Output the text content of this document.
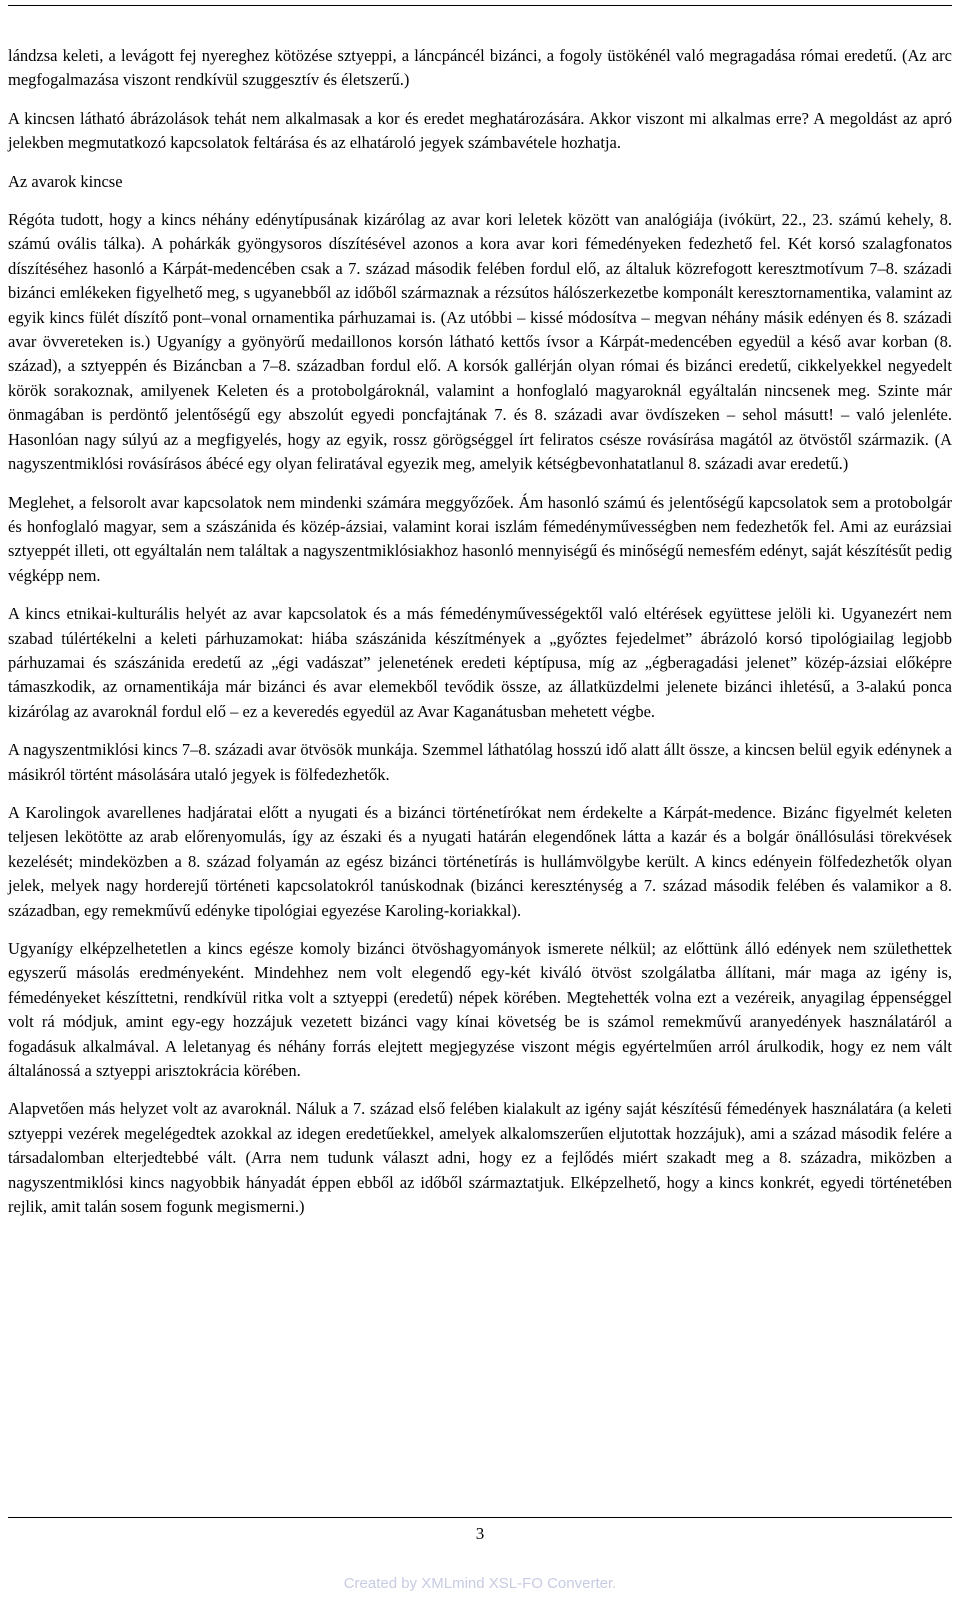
lándzsa keleti, a levágott fej nyereghez kötözése sztyeppi, a láncpáncél bizánci, a fogoly üstökénél való megragadása római eredetű. (Az arc megfogalmazása viszont rendkívül szuggesztív és életszerű.)

A kincsen látható ábrázolások tehát nem alkalmasak a kor és eredet meghatározására. Akkor viszont mi alkalmas erre? A megoldást az apró jelekben megmutatkozó kapcsolatok feltárása és az elhatároló jegyek számbavétele hozhatja.

Az avarok kincse

Régóta tudott, hogy a kincs néhány edénytípusának kizárólag az avar kori leletek között van analógiája (ivókürt, 22., 23. számú kehely, 8. számú ovális tálka). A pohárkák gyöngysoros díszítésével azonos a kora avar kori fémedényeken fedezhető fel. Két korsó szalagfonatos díszítéséhez hasonló a Kárpát-medencében csak a 7. század második felében fordul elő, az általuk közrefogott keresztmotívum 7–8. századi bizánci emlékeken figyelhető meg, s ugyanebből az időből származnak a rézsútos hálószerkezetbe komponált keresztornamentika, valamint az egyik kincs fülét díszítő pont–vonal ornamentika párhuzamai is. (Az utóbbi – kissé módosítva – megvan néhány másik edényen és 8. századi avar övvereteken is.) Ugyanígy a gyönyörű medaillonos korsón látható kettős ívsor a Kárpát-medencében egyedül a késő avar korban (8. század), a sztyeppén és Bizáncban a 7–8. században fordul elő. A korsók gallérján olyan római és bizánci eredetű, cikkelyekkel negyedelt körök sorakoznak, amilyenek Keleten és a protobolgároknál, valamint a honfoglaló magyaroknál egyáltalán nincsenek meg. Szinte már önmagában is perdöntő jelentőségű egy abszolút egyedi poncfajtának 7. és 8. századi avar övdíszeken – sehol másutt! – való jelenléte. Hasonlóan nagy súlyú az a megfigyelés, hogy az egyik, rossz görögséggel írt feliratos csésze rovásírása magától az ötvöstől származik. (A nagyszentmiklósi rovásírásos ábécé egy olyan feliratával egyezik meg, amelyik kétségbevonhatatlanul 8. századi avar eredetű.)

Meglehet, a felsorolt avar kapcsolatok nem mindenki számára meggyőzőek. Ám hasonló számú és jelentőségű kapcsolatok sem a protobolgár és honfoglaló magyar, sem a szászánida és közép-ázsiai, valamint korai iszlám fémedényművességben nem fedezhetők fel. Ami az eurázsiai sztyeppét illeti, ott egyáltalán nem találtak a nagyszentmiklósiakhoz hasonló mennyiségű és minőségű nemesfém edényt, saját készítésűt pedig végképp nem.

A kincs etnikai-kulturális helyét az avar kapcsolatok és a más fémedényművességektől való eltérések együttese jelöli ki. Ugyanezért nem szabad túlértékelni a keleti párhuzamokat: hiába szászánida készítmények a „győztes fejedelmet” ábrázoló korsó tipológiailag legjobb párhuzamai és szászánida eredetű az „égi vadászat” jelenetének eredeti képtípusa, míg az „égberagadási jelenet” közép-ázsiai előképre támaszkodik, az ornamentikája már bizánci és avar elemekből tevődik össze, az állatküzdelmi jelenete bizánci ihletésű, a 3-alakú ponca kizárólag az avaroknál fordul elő – ez a keveredés egyedül az Avar Kaganátusban mehetett végbe.

A nagyszentmiklósi kincs 7–8. századi avar ötvösök munkája. Szemmel láthatólag hosszú idő alatt állt össze, a kincsen belül egyik edénynek a másikról történt másolására utaló jegyek is fölfedezhetők.

A Karolingok avarellenes hadjáratai előtt a nyugati és a bizánci történetírókat nem érdekelte a Kárpát-medence. Bizánc figyelmét keleten teljesen lekötötte az arab előrenyomulás, így az északi és a nyugati határán elegendőnek látta a kazár és a bolgár önállósulási törekvések kezelését; mindeközben a 8. század folyamán az egész bizánci történetírás is hullámvölgybe került. A kincs edényein fölfedezhetők olyan jelek, melyek nagy horderejű történeti kapcsolatokról tanúskodnak (bizánci kereszténység a 7. század második felében és valamikor a 8. században, egy remekművű edényke tipológiai egyezése Karoling-koriakkal).

Ugyanígy elképzelhetetlen a kincs egésze komoly bizánci ötvöshagyományok ismerete nélkül; az előttünk álló edények nem születhettek egyszerű másolás eredményeként. Mindehhez nem volt elegendő egy-két kiváló ötvöst szolgálatba állítani, már maga az igény is, fémedényeket készíttetni, rendkívül ritka volt a sztyeppi (eredetű) népek körében. Megtehették volna ezt a vezéreik, anyagilag éppenséggel volt rá módjuk, amint egy-egy hozzájuk vezetett bizánci vagy kínai követség be is számol remekművű aranyedények használatáról a fogadásuk alkalmával. A leletanyag és néhány forrás elejtett megjegyzése viszont mégis egyértelműen arról árulkodik, hogy ez nem vált általánossá a sztyeppi arisztokrácia körében.

Alapvetően más helyzet volt az avaroknál. Náluk a 7. század első felében kialakult az igény saját készítésű fémedények használatára (a keleti sztyeppi vezérek megelégedtek azokkal az idegen eredetűekkel, amelyek alkalomszerűen eljutottak hozzájuk), ami a század második felére a társadalomban elterjedtebbé vált. (Arra nem tudunk választ adni, hogy ez a fejlődés miért szakadt meg a 8. századra, miközben a nagyszentmiklósi kincs nagyobbik hányadát éppen ebből az időből származtatjuk. Elképzelhető, hogy a kincs konkrét, egyedi történetében rejlik, amit talán sosem fogunk megismerni.)

3
Created by XMLmind XSL-FO Converter.
